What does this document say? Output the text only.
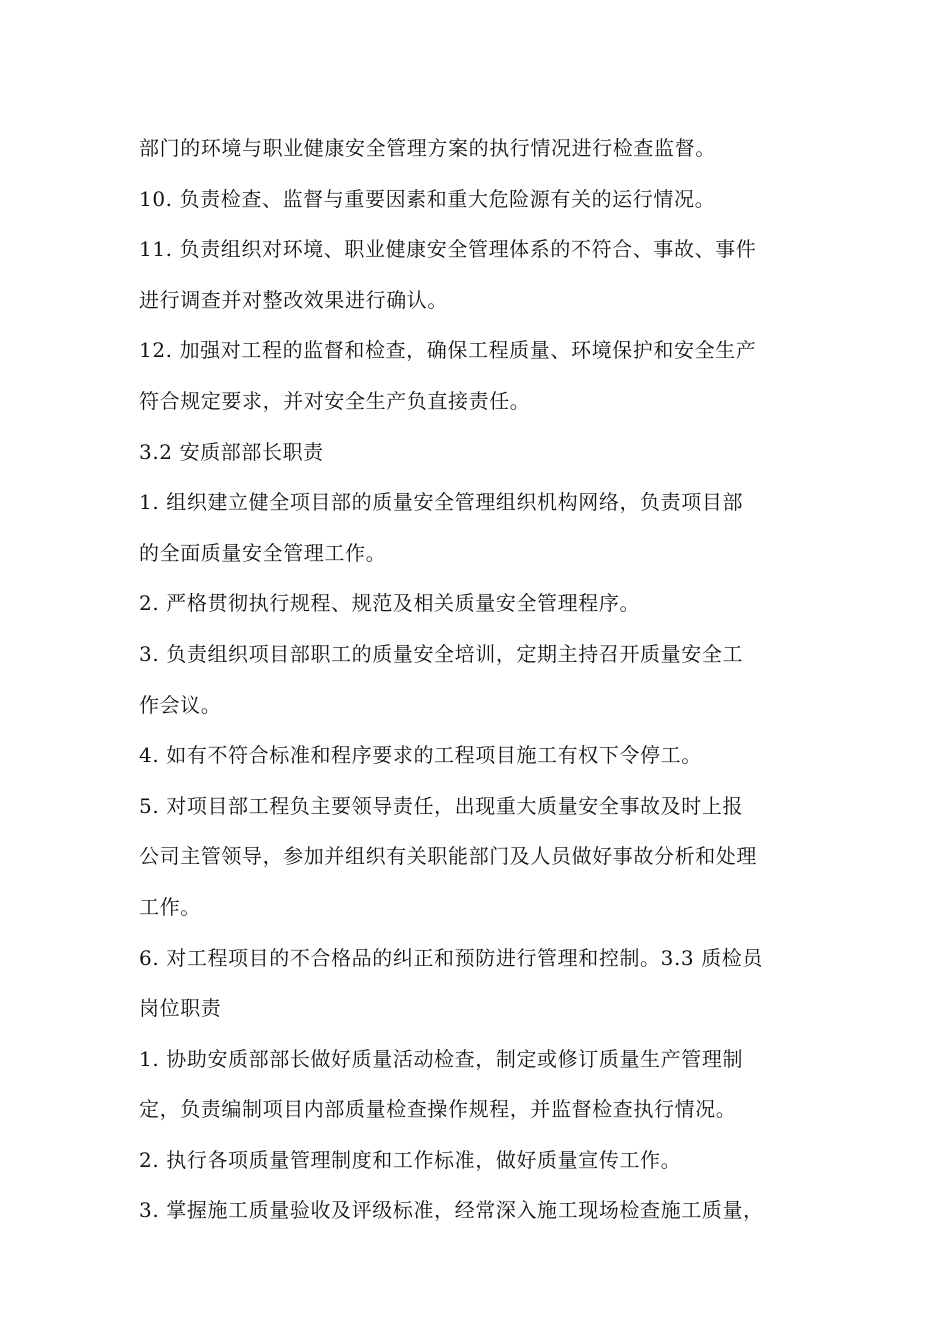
部门的环境与职业健康安全管理方案的执行情况进行检查监督。
10. 负责检查、监督与重要因素和重大危险源有关的运行情况。
11. 负责组织对环境、职业健康安全管理体系的不符合、事故、事件
进行调查并对整改效果进行确认。
12. 加强对工程的监督和检查，确保工程质量、环境保护和安全生产
符合规定要求，并对安全生产负直接责任。
3.2 安质部部长职责
1. 组织建立健全项目部的质量安全管理组织机构网络，负责项目部
的全面质量安全管理工作。
2. 严格贯彻执行规程、规范及相关质量安全管理程序。
3. 负责组织项目部职工的质量安全培训，定期主持召开质量安全工
作会议。
4. 如有不符合标准和程序要求的工程项目施工有权下令停工。
5. 对项目部工程负主要领导责任，出现重大质量安全事故及时上报
公司主管领导，参加并组织有关职能部门及人员做好事故分析和处理
工作。
6. 对工程项目的不合格品的纠正和预防进行管理和控制。3.3 质检员
岗位职责
1. 协助安质部部长做好质量活动检查，制定或修订质量生产管理制
定，负责编制项目内部质量检查操作规程，并监督检查执行情况。
2. 执行各项质量管理制度和工作标准，做好质量宣传工作。
3. 掌握施工质量验收及评级标准，经常深入施工现场检查施工质量，
